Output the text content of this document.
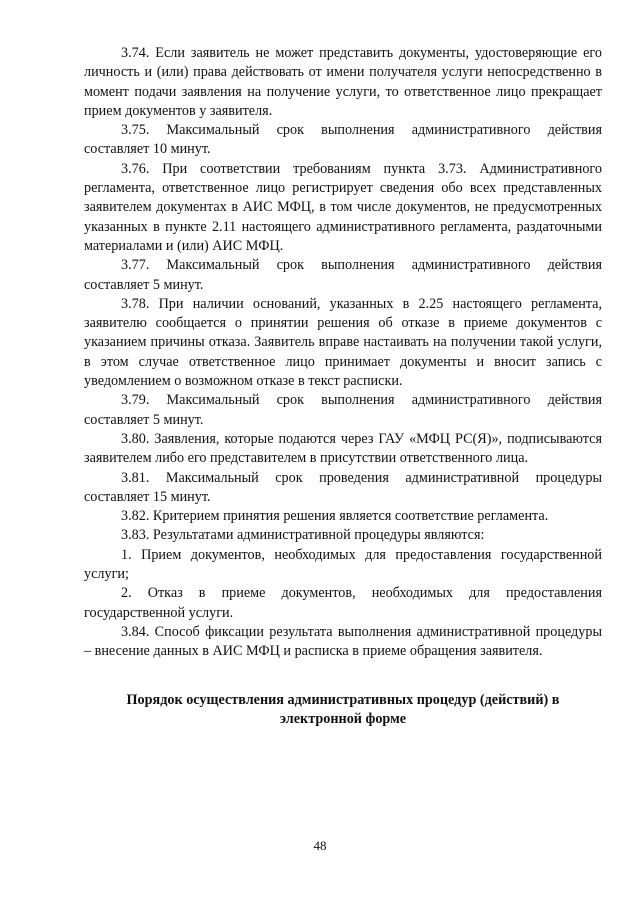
3.74. Если заявитель не может представить документы, удостоверяющие его личность и (или) права действовать от имени получателя услуги непосредственно в момент подачи заявления на получение услуги, то ответственное лицо прекращает прием документов у заявителя.

3.75. Максимальный срок выполнения административного действия составляет 10 минут.

3.76. При соответствии требованиям пункта 3.73. Административного регламента, ответственное лицо регистрирует сведения обо всех представленных заявителем документах в АИС МФЦ, в том числе документов, не предусмотренных указанных в пункте 2.11 настоящего административного регламента, раздаточными материалами и (или) АИС МФЦ.

3.77. Максимальный срок выполнения административного действия составляет 5 минут.

3.78. При наличии оснований, указанных в 2.25 настоящего регламента, заявителю сообщается о принятии решения об отказе в приеме документов с указанием причины отказа. Заявитель вправе настаивать на получении такой услуги, в этом случае ответственное лицо принимает документы и вносит запись с уведомлением о возможном отказе в текст расписки.

3.79. Максимальный срок выполнения административного действия составляет 5 минут.

3.80. Заявления, которые подаются через ГАУ «МФЦ РС(Я)», подписываются заявителем либо его представителем в присутствии ответственного лица.

3.81. Максимальный срок проведения административной процедуры составляет 15 минут.

3.82. Критерием принятия решения является соответствие регламента.

3.83. Результатами административной процедуры являются:

1. Прием документов, необходимых для предоставления государственной услуги;

2. Отказ в приеме документов, необходимых для предоставления государственной услуги.

3.84. Способ фиксации результата выполнения административной процедуры – внесение данных в АИС МФЦ и расписка в приеме обращения заявителя.

Порядок осуществления административных процедур (действий) в
электронной форме
48
